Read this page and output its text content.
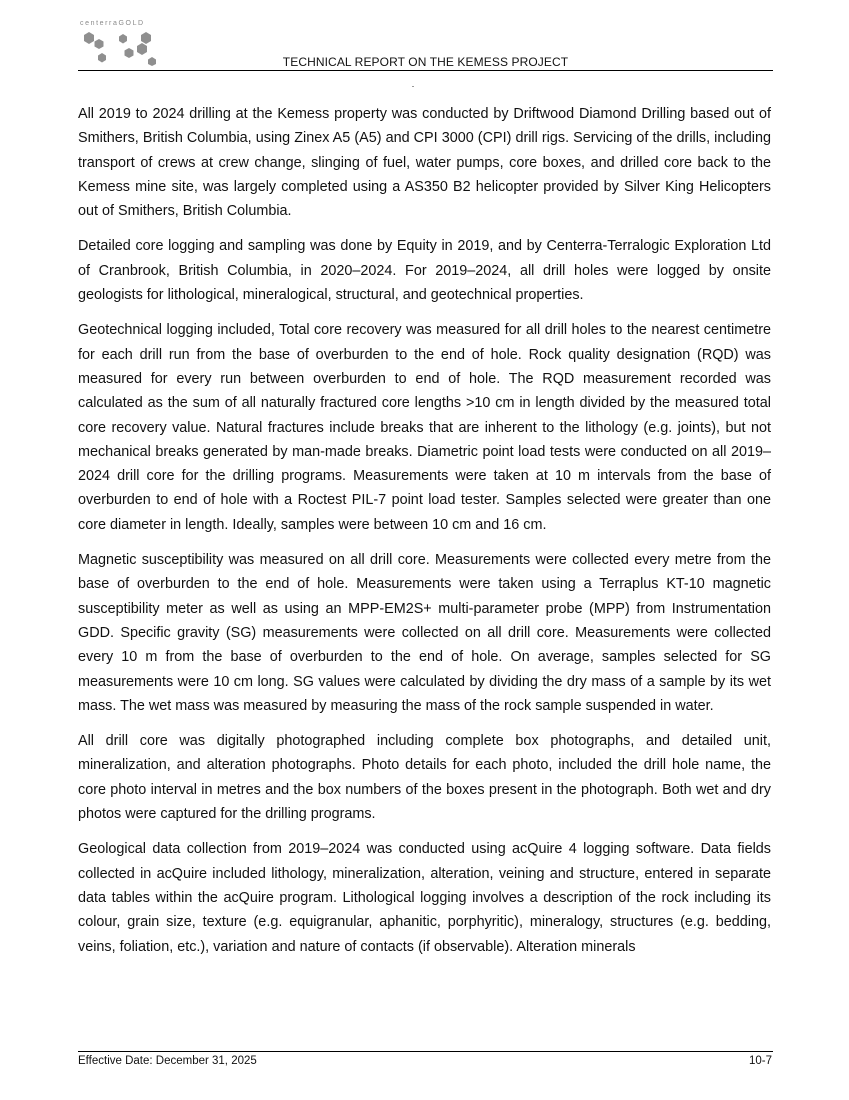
centerraGOLD
TECHNICAL REPORT ON THE KEMESS PROJECT

All 2019 to 2024 drilling at the Kemess property was conducted by Driftwood Diamond Drilling based out of Smithers, British Columbia, using Zinex A5 (A5) and CPI 3000 (CPI) drill rigs. Servicing of the drills, including transport of crews at crew change, slinging of fuel, water pumps, core boxes, and drilled core back to the Kemess mine site, was largely completed using a AS350 B2 helicopter provided by Silver King Helicopters out of Smithers, British Columbia.

Detailed core logging and sampling was done by Equity in 2019, and by Centerra-Terralogic Exploration Ltd of Cranbrook, British Columbia, in 2020–2024. For 2019–2024, all drill holes were logged by onsite geologists for lithological, mineralogical, structural, and geotechnical properties.

Geotechnical logging included, Total core recovery was measured for all drill holes to the nearest centimetre for each drill run from the base of overburden to the end of hole. Rock quality designation (RQD) was measured for every run between overburden to end of hole. The RQD measurement recorded was calculated as the sum of all naturally fractured core lengths >10 cm in length divided by the measured total core recovery value. Natural fractures include breaks that are inherent to the lithology (e.g. joints), but not mechanical breaks generated by man-made breaks. Diametric point load tests were conducted on all 2019–2024 drill core for the drilling programs. Measurements were taken at 10 m intervals from the base of overburden to end of hole with a Roctest PIL-7 point load tester. Samples selected were greater than one core diameter in length. Ideally, samples were between 10 cm and 16 cm.

Magnetic susceptibility was measured on all drill core. Measurements were collected every metre from the base of overburden to the end of hole. Measurements were taken using a Terraplus KT-10 magnetic susceptibility meter as well as using an MPP-EM2S+ multi-parameter probe (MPP) from Instrumentation GDD. Specific gravity (SG) measurements were collected on all drill core. Measurements were collected every 10 m from the base of overburden to the end of hole. On average, samples selected for SG measurements were 10 cm long. SG values were calculated by dividing the dry mass of a sample by its wet mass. The wet mass was measured by measuring the mass of the rock sample suspended in water.

All drill core was digitally photographed including complete box photographs, and detailed unit, mineralization, and alteration photographs. Photo details for each photo, included the drill hole name, the core photo interval in metres and the box numbers of the boxes present in the photograph. Both wet and dry photos were captured for the drilling programs.

Geological data collection from 2019–2024 was conducted using acQuire 4 logging software. Data fields collected in acQuire included lithology, mineralization, alteration, veining and structure, entered in separate data tables within the acQuire program. Lithological logging involves a description of the rock including its colour, grain size, texture (e.g. equigranular, aphanitic, porphyritic), mineralogy, structures (e.g. bedding, veins, foliation, etc.), variation and nature of contacts (if observable). Alteration minerals

Effective Date: December 31, 2025	10-7
